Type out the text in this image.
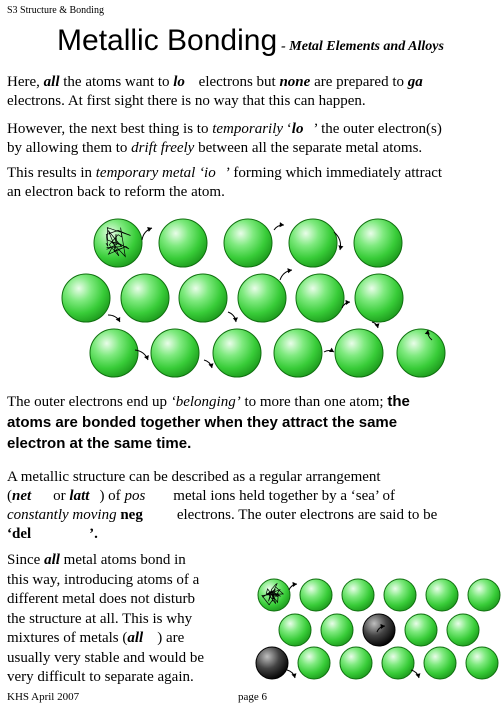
S3 Structure & Bonding
Metallic Bonding - Metal Elements and Alloys
Here, all the atoms want to lo electrons but none are prepared to ga
electrons. At first sight there is no way that this can happen.
However, the next best thing is to temporarily ‘lo ’ the outer electron(s)
by allowing them to drift freely between all the separate metal atoms.
This results in temporary metal ‘io ’ forming which immediately attract
an electron back to reform the atom.
The outer electrons end up ‘belonging’ to more than one atom; the
atoms are bonded together when they attract the same
electron at the same time.
A metallic structure can be described as a regular arrangement
(net or latt ) of pos metal ions held together by a ‘sea’ of
constantly moving neg electrons. The outer electrons are said to be
‘del	’.
Since all metal atoms bond in
this way, introducing atoms of a
different metal does not disturb
the structure at all. This is why
mixtures of metals (all ) are
usually very stable and would be
very difficult to separate again.
KHS April 2007	page 6
